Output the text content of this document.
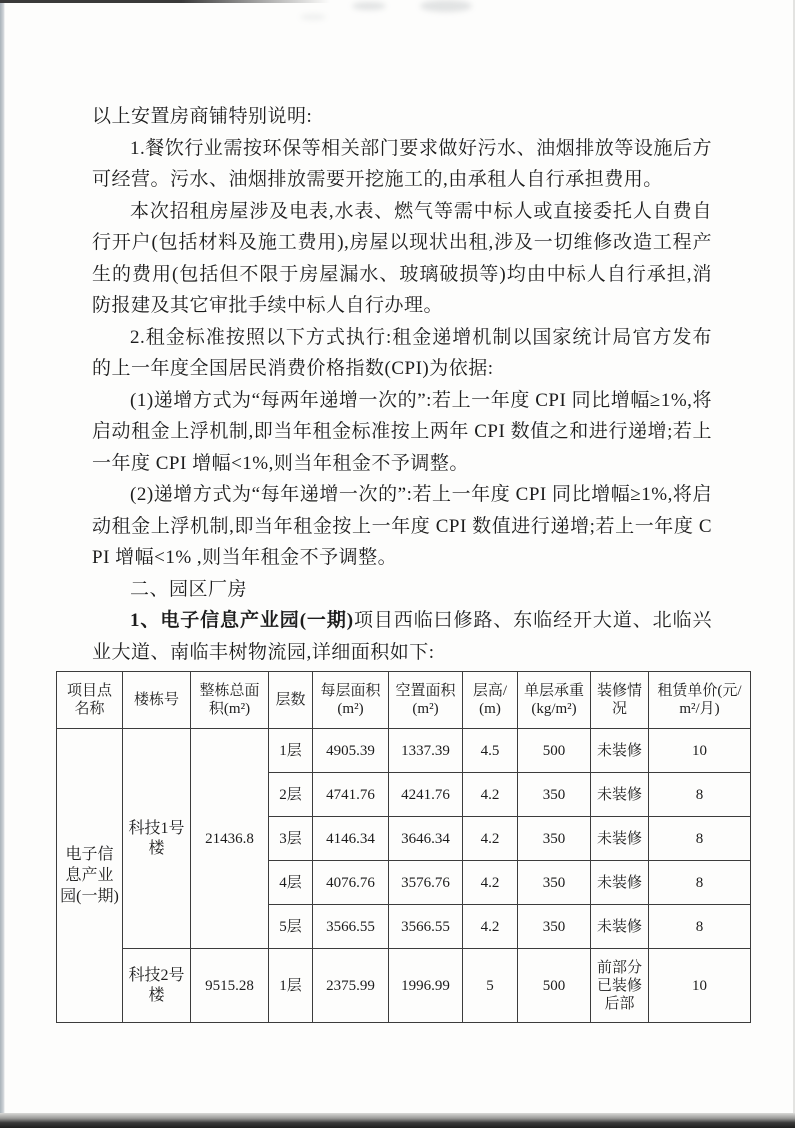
以上安置房商铺特别说明:

1.餐饮行业需按环保等相关部门要求做好污水、油烟排放等设施后方可经营。污水、油烟排放需要开挖施工的,由承租人自行承担费用。

本次招租房屋涉及电表,水表、燃气等需中标人或直接委托人自费自行开户(包括材料及施工费用),房屋以现状出租,涉及一切维修改造工程产生的费用(包括但不限于房屋漏水、玻璃破损等)均由中标人自行承担,消防报建及其它审批手续中标人自行办理。

2.租金标准按照以下方式执行:租金递增机制以国家统计局官方发布的上一年度全国居民消费价格指数(CPI)为依据:

(1)递增方式为“每两年递增一次的”:若上一年度 CPI 同比增幅≥1%,将启动租金上浮机制,即当年租金标准按上两年 CPI 数值之和进行递增;若上一年度 CPI 增幅<1%,则当年租金不予调整。

(2)递增方式为“每年递增一次的”:若上一年度 CPI 同比增幅≥1%,将启动租金上浮机制,即当年租金按上一年度 CPI 数值进行递增;若上一年度 CPI 增幅<1% ,则当年租金不予调整。

二、园区厂房

1、电子信息产业园(一期)项目西临曰修路、东临经开大道、北临兴业大道、南临丰树物流园,详细面积如下:

项目点名称	楼栋号	整栋总面积(m²)	层数	每层面积(m²)	空置面积(m²)	层高/(m)	单层承重(kg/m²)	装修情况	租赁单价(元/m²/月)
电子信息产业园(一期)	科技1号楼	21436.8	1层	4905.39	1337.39	4.5	500	未装修	10
			2层	4741.76	4241.76	4.2	350	未装修	8
			3层	4146.34	3646.34	4.2	350	未装修	8
			4层	4076.76	3576.76	4.2	350	未装修	8
			5层	3566.55	3566.55	4.2	350	未装修	8
	科技2号楼	9515.28	1层	2375.99	1996.99	5	500	前部分已装修后部	10
